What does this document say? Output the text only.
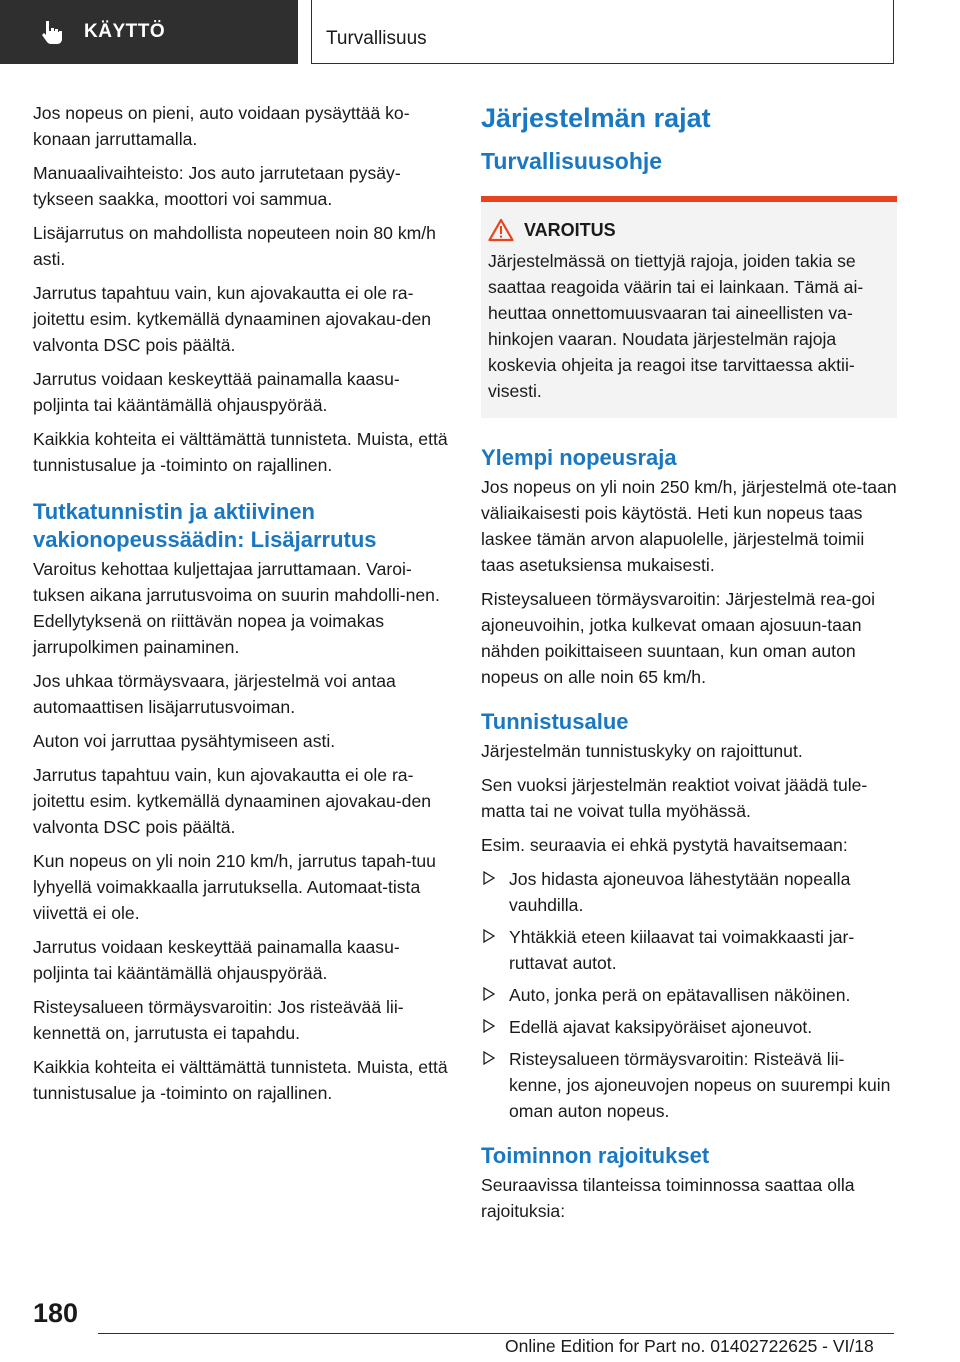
KÄYTTÖ	Turvallisuus

Jos nopeus on pieni, auto voidaan pysäyttää ko-konaan jarruttamalla.

Manuaalivaihteisto: Jos auto jarrutetaan pysäy-tykseen saakka, moottori voi sammua.

Lisäjarrutus on mahdollista nopeuteen noin 80 km/h asti.

Jarrutus tapahtuu vain, kun ajovakautta ei ole ra-joitettu esim. kytkemällä dynaaminen ajovakau-den valvonta DSC pois päältä.

Jarrutus voidaan keskeyttää painamalla kaasu-poljinta tai kääntämällä ohjauspyörää.

Kaikkia kohteita ei välttämättä tunnisteta. Muista, että tunnistusalue ja -toiminto on rajallinen.

Tutkatunnistin ja aktiivinen vakionopeussäädin: Lisäjarrutus

Varoitus kehottaa kuljettajaa jarruttamaan. Varoi-tuksen aikana jarrutusvoima on suurin mahdolli-nen. Edellytyksenä on riittävän nopea ja voimakas jarrupolkimen painaminen.

Jos uhkaa törmäysvaara, järjestelmä voi antaa automaattisen lisäjarrutusvoiman.

Auton voi jarruttaa pysähtymiseen asti.

Jarrutus tapahtuu vain, kun ajovakautta ei ole ra-joitettu esim. kytkemällä dynaaminen ajovakau-den valvonta DSC pois päältä.

Kun nopeus on yli noin 210 km/h, jarrutus tapah-tuu lyhyellä voimakkaalla jarrutuksella. Automaat-tista viivettä ei ole.

Jarrutus voidaan keskeyttää painamalla kaasu-poljinta tai kääntämällä ohjauspyörää.

Risteysalueen törmäysvaroitin: Jos risteävää lii-kennettä on, jarrutusta ei tapahdu.

Kaikkia kohteita ei välttämättä tunnisteta. Muista, että tunnistusalue ja -toiminto on rajallinen.

Järjestelmän rajat
Turvallisuusohje
VAROITUS

Järjestelmässä on tiettyjä rajoja, joiden takia se saattaa reagoida väärin tai ei lainkaan. Tämä ai-heuttaa onnettomuusvaaran tai aineellisten va-hinkojen vaaran. Noudata järjestelmän rajoja koskevia ohjeita ja reagoi itse tarvittaessa aktii-visesti.

Ylempi nopeusraja

Jos nopeus on yli noin 250 km/h, järjestelmä ote-taan väliaikaisesti pois käytöstä. Heti kun nopeus taas laskee tämän arvon alapuolelle, järjestelmä toimii taas asetuksiensa mukaisesti.

Risteysalueen törmäysvaroitin: Järjestelmä rea-goi ajoneuvoihin, jotka kulkevat omaan ajosuun-taan nähden poikittaiseen suuntaan, kun oman auton nopeus on alle noin 65 km/h.

Tunnistusalue

Järjestelmän tunnistuskyky on rajoittunut.

Sen vuoksi järjestelmän reaktiot voivat jäädä tule-matta tai ne voivat tulla myöhässä.

Esim. seuraavia ei ehkä pystytä havaitsemaan:

Jos hidasta ajoneuvoa lähestytään nopealla vauhdilla.
Yhtäkkiä eteen kiilaavat tai voimakkaasti jar-ruttavat autot.
Auto, jonka perä on epätavallisen näköinen.
Edellä ajavat kaksipyöräiset ajoneuvot.
Risteysalueen törmäysvaroitin: Risteävä lii-kenne, jos ajoneuvojen nopeus on suurempi kuin oman auton nopeus.
Toiminnon rajoitukset

Seuraavissa tilanteissa toiminnossa saattaa olla rajoituksia:

180
Online Edition for Part no. 01402722625 - VI/18
